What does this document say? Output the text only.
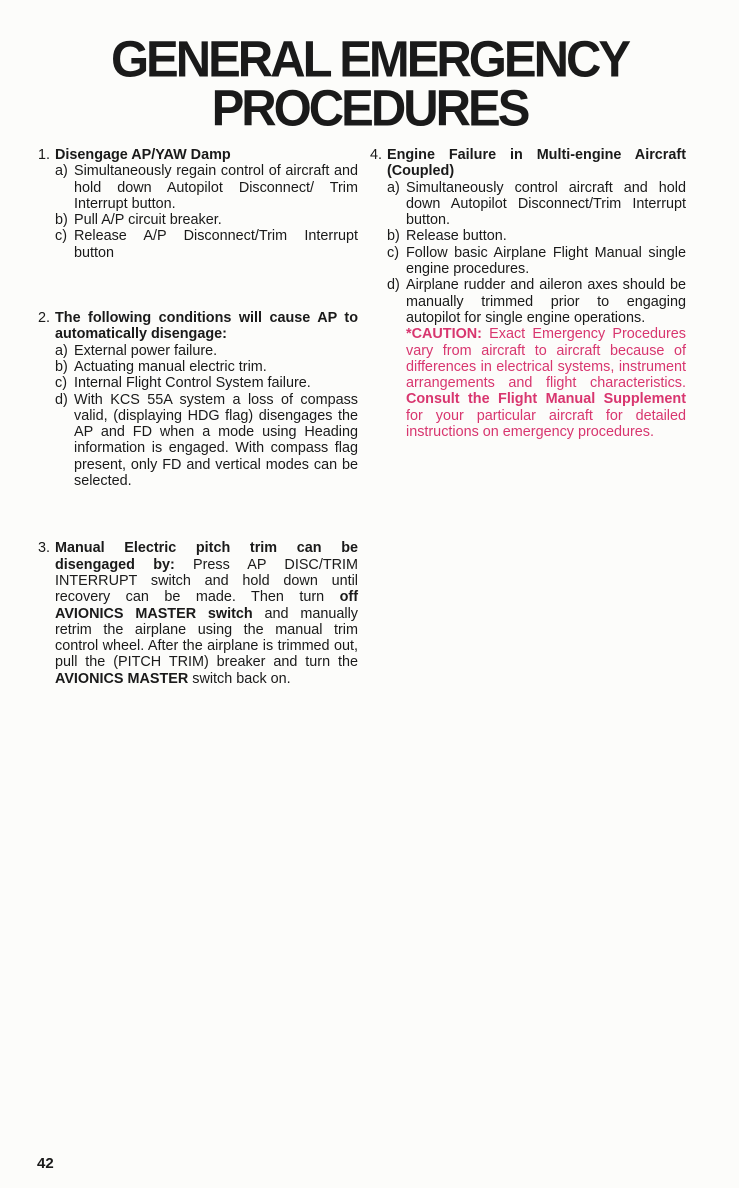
GENERAL EMERGENCY
PROCEDURES
1. Disengage AP/YAW Damp
a) Simultaneously regain control of aircraft and hold down Autopilot Disconnect/ Trim Interrupt button.
b) Pull A/P circuit breaker.
c) Release A/P Disconnect/Trim Interrupt button
2. The following conditions will cause AP to automatically disengage:
a) External power failure.
b) Actuating manual electric trim.
c) Internal Flight Control System failure.
d) With KCS 55A system a loss of compass valid, (displaying HDG flag) disengages the AP and FD when a mode using Heading information is engaged. With compass flag present, only FD and vertical modes can be selected.
3. Manual Electric pitch trim can be disengaged by: Press AP DISC/TRIM INTERRUPT switch and hold down until recovery can be made. Then turn off AVIONICS MASTER switch and manually retrim the airplane using the manual trim control wheel. After the airplane is trimmed out, pull the (PITCH TRIM) breaker and turn the AVIONICS MASTER switch back on.
4. Engine Failure in Multi-engine Aircraft (Coupled)
a) Simultaneously control aircraft and hold down Autopilot Disconnect/Trim Interrupt button.
b) Release button.
c) Follow basic Airplane Flight Manual single engine procedures.
d) Airplane rudder and aileron axes should be manually trimmed prior to engaging autopilot for single engine operations.
*CAUTION: Exact Emergency Procedures vary from aircraft to aircraft because of differences in electrical systems, instrument arrangements and flight characteristics. Consult the Flight Manual Supplement for your particular aircraft for detailed instructions on emergency procedures.
42
